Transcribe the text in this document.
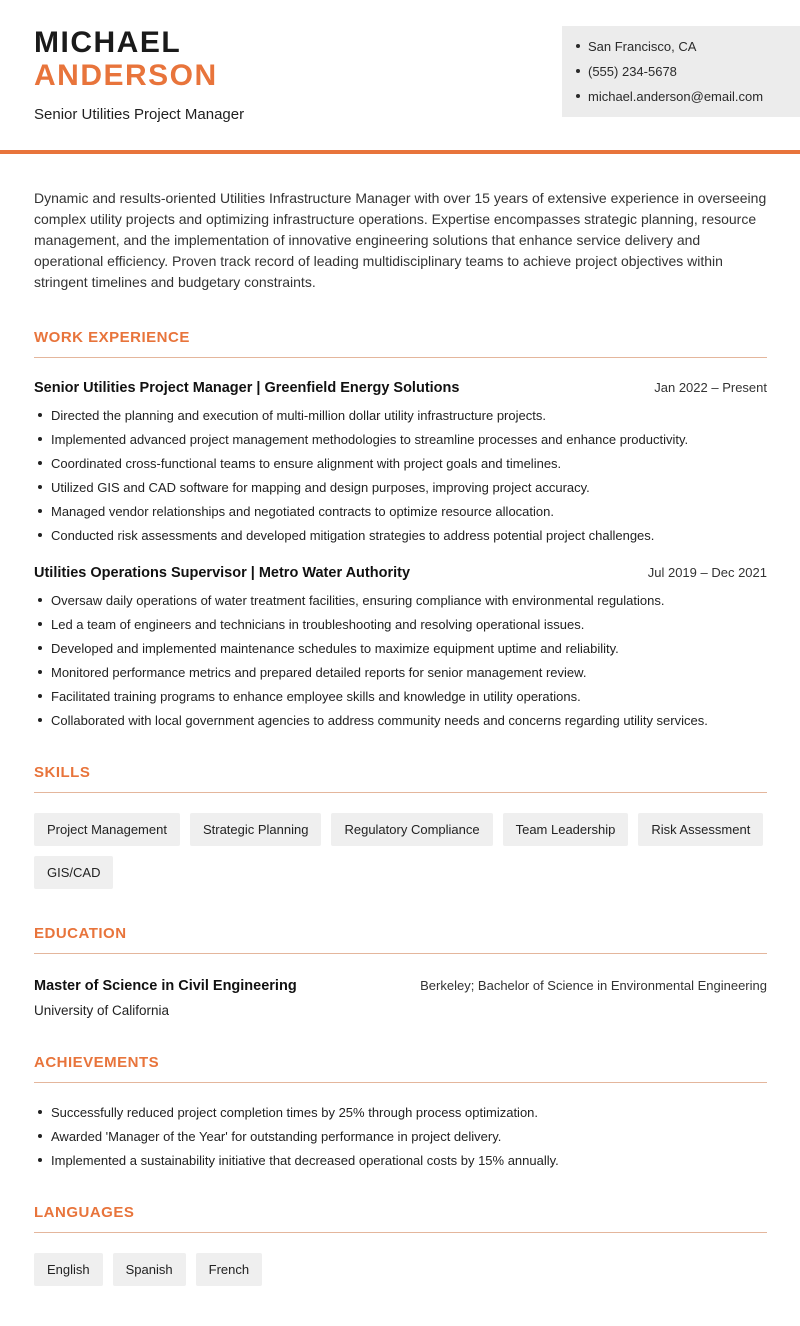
MICHAEL
ANDERSON
Senior Utilities Project Manager
San Francisco, CA
(555) 234-5678
michael.anderson@email.com

Dynamic and results-oriented Utilities Infrastructure Manager with over 15 years of extensive experience in overseeing complex utility projects and optimizing infrastructure operations. Expertise encompasses strategic planning, resource management, and the implementation of innovative engineering solutions that enhance service delivery and operational efficiency. Proven track record of leading multidisciplinary teams to achieve project objectives within stringent timelines and budgetary constraints.

WORK EXPERIENCE
Senior Utilities Project Manager | Greenfield Energy Solutions	Jan 2022 – Present
Directed the planning and execution of multi-million dollar utility infrastructure projects.
Implemented advanced project management methodologies to streamline processes and enhance productivity.
Coordinated cross-functional teams to ensure alignment with project goals and timelines.
Utilized GIS and CAD software for mapping and design purposes, improving project accuracy.
Managed vendor relationships and negotiated contracts to optimize resource allocation.
Conducted risk assessments and developed mitigation strategies to address potential project challenges.
Utilities Operations Supervisor | Metro Water Authority	Jul 2019 – Dec 2021
Oversaw daily operations of water treatment facilities, ensuring compliance with environmental regulations.
Led a team of engineers and technicians in troubleshooting and resolving operational issues.
Developed and implemented maintenance schedules to maximize equipment uptime and reliability.
Monitored performance metrics and prepared detailed reports for senior management review.
Facilitated training programs to enhance employee skills and knowledge in utility operations.
Collaborated with local government agencies to address community needs and concerns regarding utility services.
SKILLS
Project Management	Strategic Planning	Regulatory Compliance	Team Leadership	Risk Assessment
GIS/CAD
EDUCATION
Master of Science in Civil Engineering	Berkeley; Bachelor of Science in Environmental Engineering
University of California
ACHIEVEMENTS
Successfully reduced project completion times by 25% through process optimization.
Awarded 'Manager of the Year' for outstanding performance in project delivery.
Implemented a sustainability initiative that decreased operational costs by 15% annually.
LANGUAGES
English	Spanish	French
